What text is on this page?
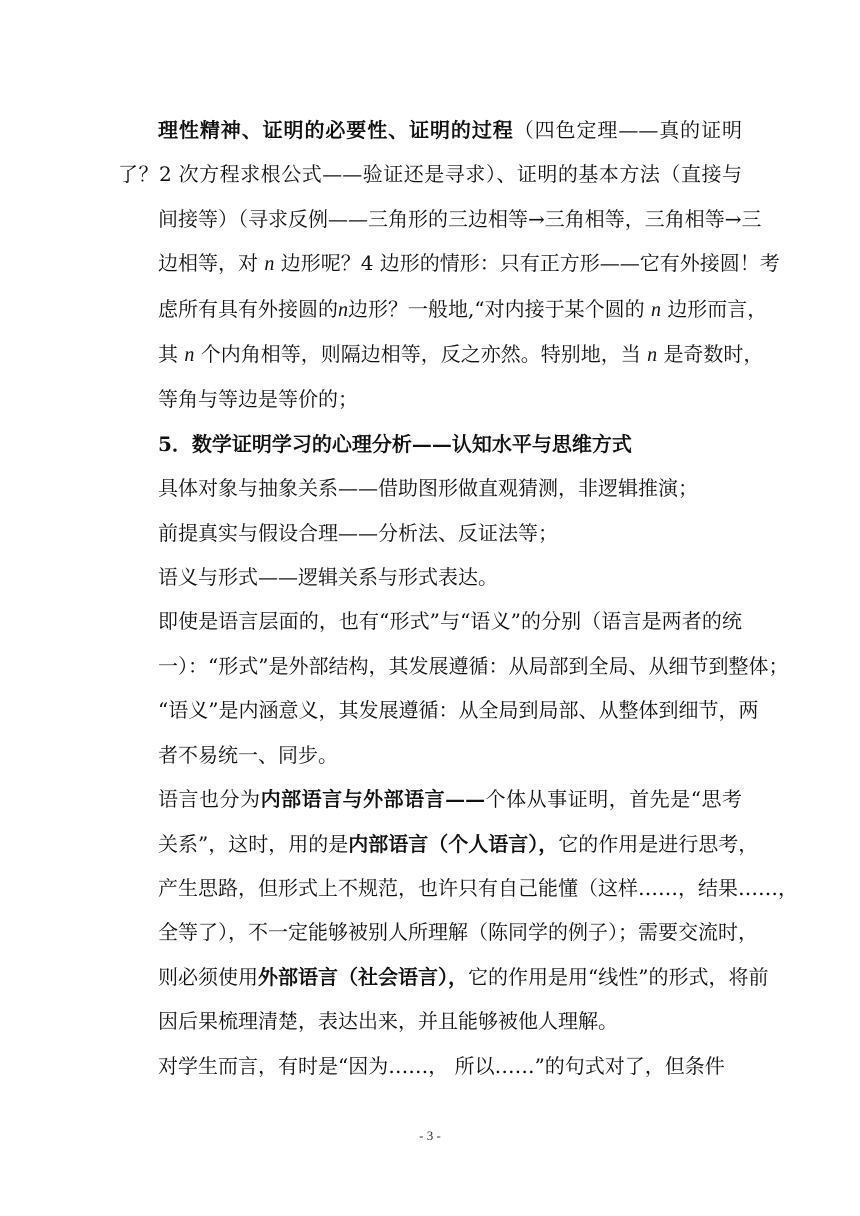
理性精神、证明的必要性、证明的过程（四色定理——真的证明
了？2 次方程求根公式——验证还是寻求）、证明的基本方法（直接与
间接等）（寻求反例——三角形的三边相等→三角相等，三角相等→三
边相等，对 n 边形呢？4 边形的情形：只有正方形——它有外接圆！考
虑所有具有外接圆的n边形？一般地,“对内接于某个圆的 n 边形而言，
其 n 个内角相等，则隔边相等，反之亦然。特别地，当 n 是奇数时，
等角与等边是等价的；

5．数学证明学习的心理分析——认知水平与思维方式

具体对象与抽象关系——借助图形做直观猜测，非逻辑推演；

前提真实与假设合理——分析法、反证法等；

语义与形式——逻辑关系与形式表达。

即使是语言层面的，也有“形式”与“语义”的分别（语言是两者的统
一）：“形式”是外部结构，其发展遵循：从局部到全局、从细节到整体；
“语义”是内涵意义，其发展遵循：从全局到局部、从整体到细节，两
者不易统一、同步。

语言也分为内部语言与外部语言——个体从事证明，首先是“思考
关系”，这时，用的是内部语言（个人语言），它的作用是进行思考，
产生思路，但形式上不规范，也许只有自己能懂（这样……，结果……，
全等了），不一定能够被别人所理解（陈同学的例子）；需要交流时，
则必须使用外部语言（社会语言），它的作用是用“线性”的形式，将前
因后果梳理清楚，表达出来，并且能够被他人理解。

对学生而言，有时是“因为……， 所以……”的句式对了，但条件

- 3 -
